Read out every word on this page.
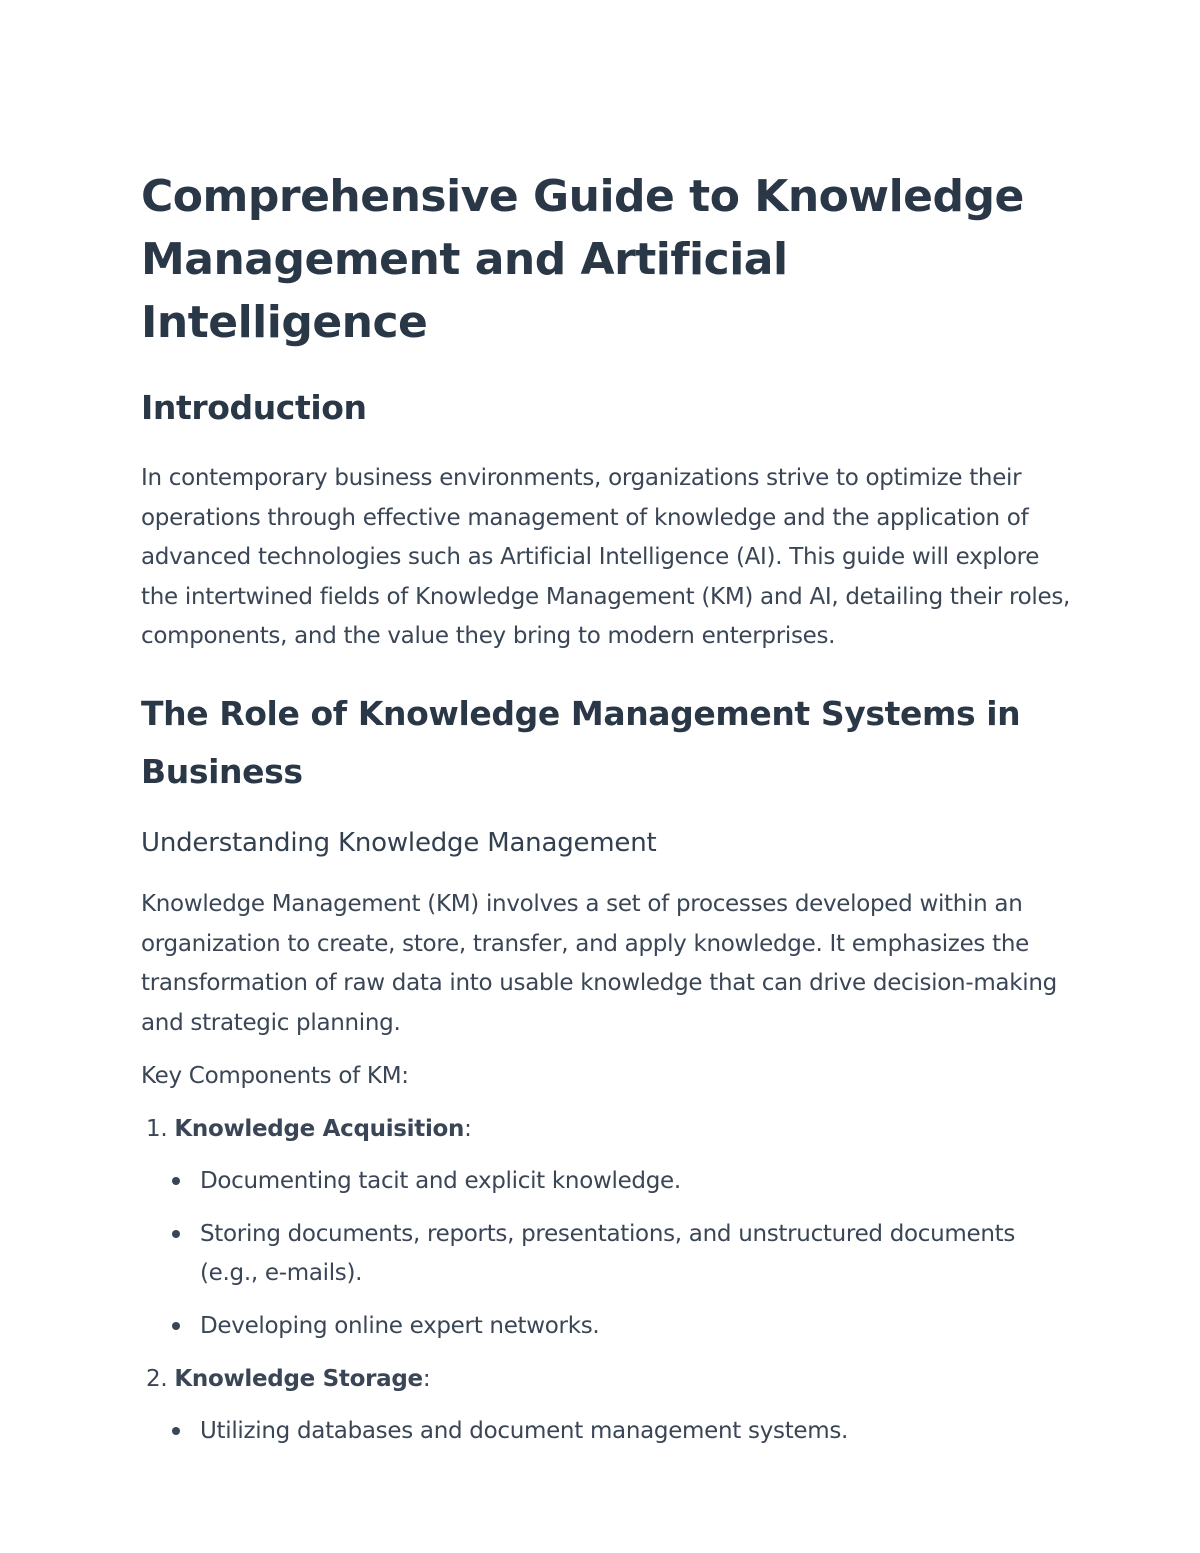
Comprehensive Guide to Knowledge Management and Artificial Intelligence
Introduction

In contemporary business environments, organizations strive to optimize their operations through effective management of knowledge and the application of advanced technologies such as Artificial Intelligence (AI). This guide will explore the intertwined fields of Knowledge Management (KM) and AI, detailing their roles, components, and the value they bring to modern enterprises.

The Role of Knowledge Management Systems in Business
Understanding Knowledge Management

Knowledge Management (KM) involves a set of processes developed within an organization to create, store, transfer, and apply knowledge. It emphasizes the transformation of raw data into usable knowledge that can drive decision-making and strategic planning.

Key Components of KM:

1. Knowledge Acquisition:
Documenting tacit and explicit knowledge.
Storing documents, reports, presentations, and unstructured documents (e.g., e-mails).
Developing online expert networks.
2. Knowledge Storage:
Utilizing databases and document management systems.
